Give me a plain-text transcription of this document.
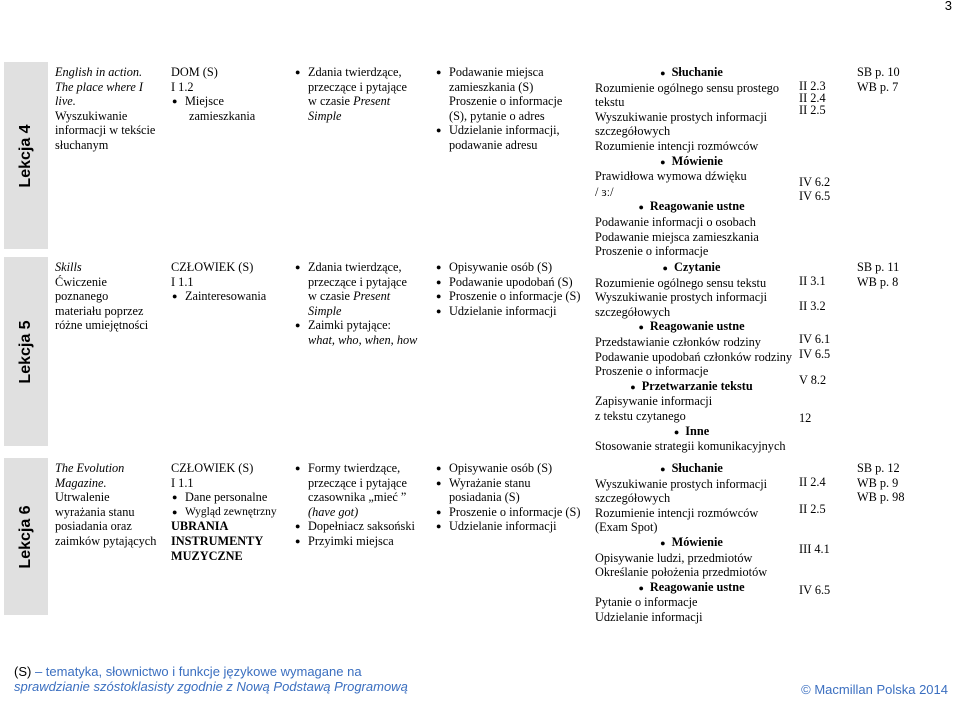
3
Lekcja 4
English in action.
The place where I
live.
Wyszukiwanie
informacji w tekście
słuchanym
DOM (S)
I 1.2
● Miejsce
zamieszkania
● Zdania twierdzące,
przeczące i pytające
w czasie Present
Simple
● Podawanie miejsca
zamieszkania (S)
Proszenie o informacje
(S), pytanie o adres
● Udzielanie informacji,
podawanie adresu
● Słuchanie
Rozumienie ogólnego sensu prostego
tekstu
Wyszukiwanie prostych informacji
szczegółowych
Rozumienie intencji rozmówców
● Mówienie
Prawidłowa wymowa dźwięku
/ ɜː/
● Reagowanie ustne
Podawanie informacji o osobach
Podawanie miejsca zamieszkania
Proszenie o informacje
II 2.3
II 2.4
II 2.5
IV 6.2
IV 6.5
SB p. 10
WB p. 7
Lekcja 5
Skills
Ćwiczenie
poznanego
materiału poprzez
różne umiejętności
CZŁOWIEK (S)
I 1.1
● Zainteresowania
● Zdania twierdzące,
przeczące i pytające
w czasie Present
Simple
● Zaimki pytające:
what, who, when, how
● Opisywanie osób (S)
● Podawanie upodobań (S)
● Proszenie o informacje (S)
● Udzielanie informacji
● Czytanie
Rozumienie ogólnego sensu tekstu
Wyszukiwanie prostych informacji
szczegółowych
● Reagowanie ustne
Przedstawianie członków rodziny
Podawanie upodobań członków rodziny
Proszenie o informacje
● Przetwarzanie tekstu
Zapisywanie informacji
z tekstu czytanego
● Inne
Stosowanie strategii komunikacyjnych
II 3.1
II 3.2
IV 6.1
IV 6.5
V 8.2
12
SB p. 11
WB p. 8
Lekcja 6
The Evolution
Magazine.
Utrwalenie
wyrażania stanu
posiadania oraz
zaimków pytających
CZŁOWIEK (S)
I 1.1
● Dane personalne
● Wygląd zewnętrzny
UBRANIA
INSTRUMENTY
MUZYCZNE
● Formy twierdzące,
przeczące i pytające
czasownika „mieć ”
(have got)
● Dopełniacz saksoński
● Przyimki miejsca
● Opisywanie osób (S)
● Wyrażanie stanu posiadania (S)
● Proszenie o informacje (S)
● Udzielanie informacji
● Słuchanie
Wyszukiwanie prostych informacji
szczegółowych
Rozumienie intencji rozmówców
(Exam Spot)
● Mówienie
Opisywanie ludzi, przedmiotów
Określanie położenia przedmiotów
● Reagowanie ustne
Pytanie o informacje
Udzielanie informacji
II 2.4
II 2.5
III 4.1
IV 6.5
SB p. 12
WB p. 9
WB p. 98
(S) – tematyka, słownictwo i funkcje językowe wymagane na
sprawdzianie szóstoklasisty zgodnie z Nową Podstawą Programową	© Macmillan Polska 2014
